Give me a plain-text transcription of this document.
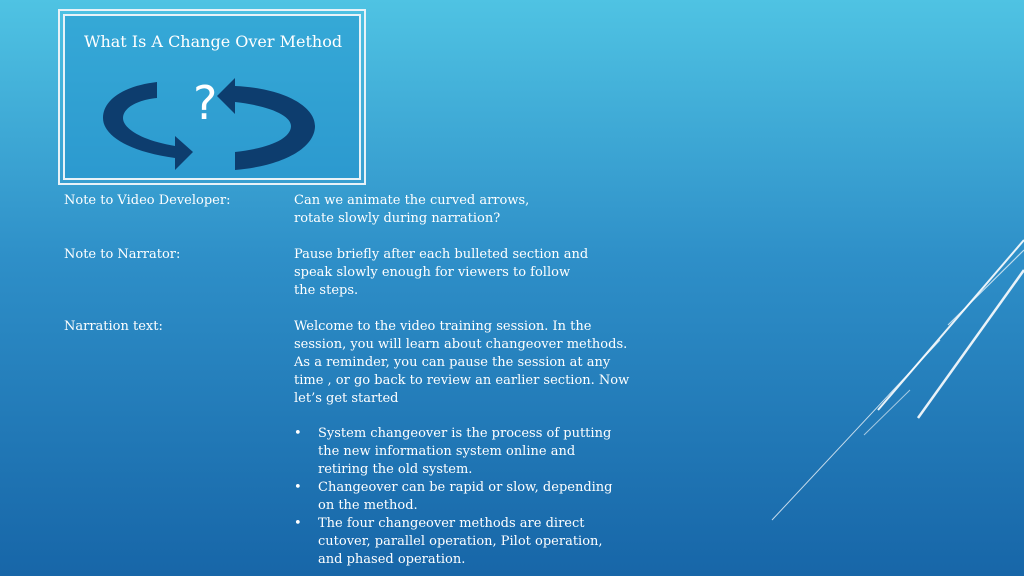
What Is A Change Over Method
?
Note to Video Developer:	Can we animate the curved arrows, rotate slowly during narration?
Note to Narrator:	Pause briefly after each bulleted section and speak slowly enough for viewers to follow the steps.
Narration text:	Welcome to the video training session. In the session, you will learn about changeover methods. As a reminder, you can pause the session at any time , or go back to review an earlier section. Now let’s get started
• System changeover is the process of putting the new information system online and retiring the old system.
• Changeover can be rapid or slow, depending on the method.
• The four changeover methods are direct cutover, parallel operation, Pilot operation, and phased operation.
